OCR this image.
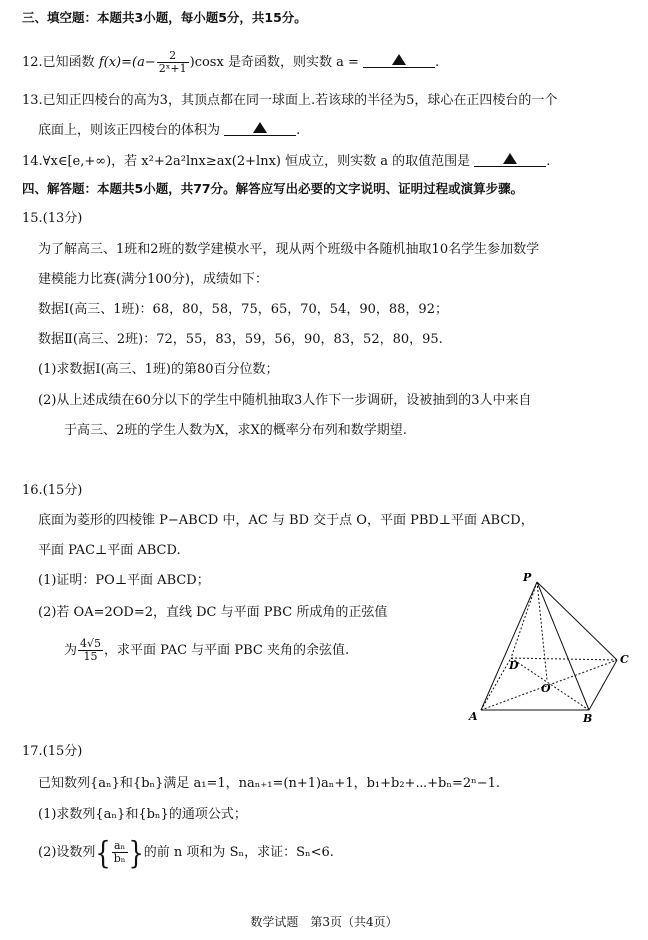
三、填空题：本题共3小题，每小题5分，共15分。
12.已知函数 $f(x)=(a- \frac{2}{\text{2ˣ+1}} )\cos x$ 是奇函数，则实数 a =	.
13.已知正四棱台的高为3，其顶点都在同一球面上.若该球的半径为5，球心在正四棱台的一个
底面上，则该正四棱台的体积为	.
14.∀x∈[e,+∞)，若 x²+2a²lnx≥ax(2+lnx) 恒成立，则实数 a 的取值范围是	.
四、解答题：本题共5小题，共77分。解答应写出必要的文字说明、证明过程或演算步骤。
15.(13分)
为了解高三、1班和2班的数学建模水平，现从两个班级中各随机抽取10名学生参加数学
建模能力比赛(满分100分)，成绩如下：
数据Ⅰ(高三、1班)：68，80，58，75，65，70，54，90，88，92；
数据Ⅱ(高三、2班)：72，55，83，59，56，90，83，52，80，95.
(1)求数据Ⅰ(高三、1班)的第80百分位数；
(2)从上述成绩在60分以下的学生中随机抽取3人作下一步调研，设被抽到的3人中来自
于高三、2班的学生人数为X，求X的概率分布列和数学期望.
16.(15分)
底面为菱形的四棱锥 P−ABCD 中，AC 与 BD 交于点 O，平面 PBD⊥平面 ABCD，
平面 PAC⊥平面 ABCD.
(1)证明：PO⊥平面 ABCD；
(2)若 OA=2OD=2，直线 DC 与平面 PBC 所成角的正弦值
为 $\frac{4√5}{15}$ ，求平面 PAC 与平面 PBC 夹角的余弦值.
P
A	B
C
D
O
17.(15分)
已知数列{aₙ}和{bₙ}满足 a₁=1，naₙ₊₁=(n+1)aₙ+1，b₁+b₂+⋯+bₙ=2ⁿ−1.
(1)求数列{aₙ}和{bₙ}的通项公式；
(2)设数列{ $\frac{\text{aₙ}}{\text{bₙ}}$ }的前 n 项和为 Sₙ，求证：Sₙ<6.
数学试题　第3页（共4页）
